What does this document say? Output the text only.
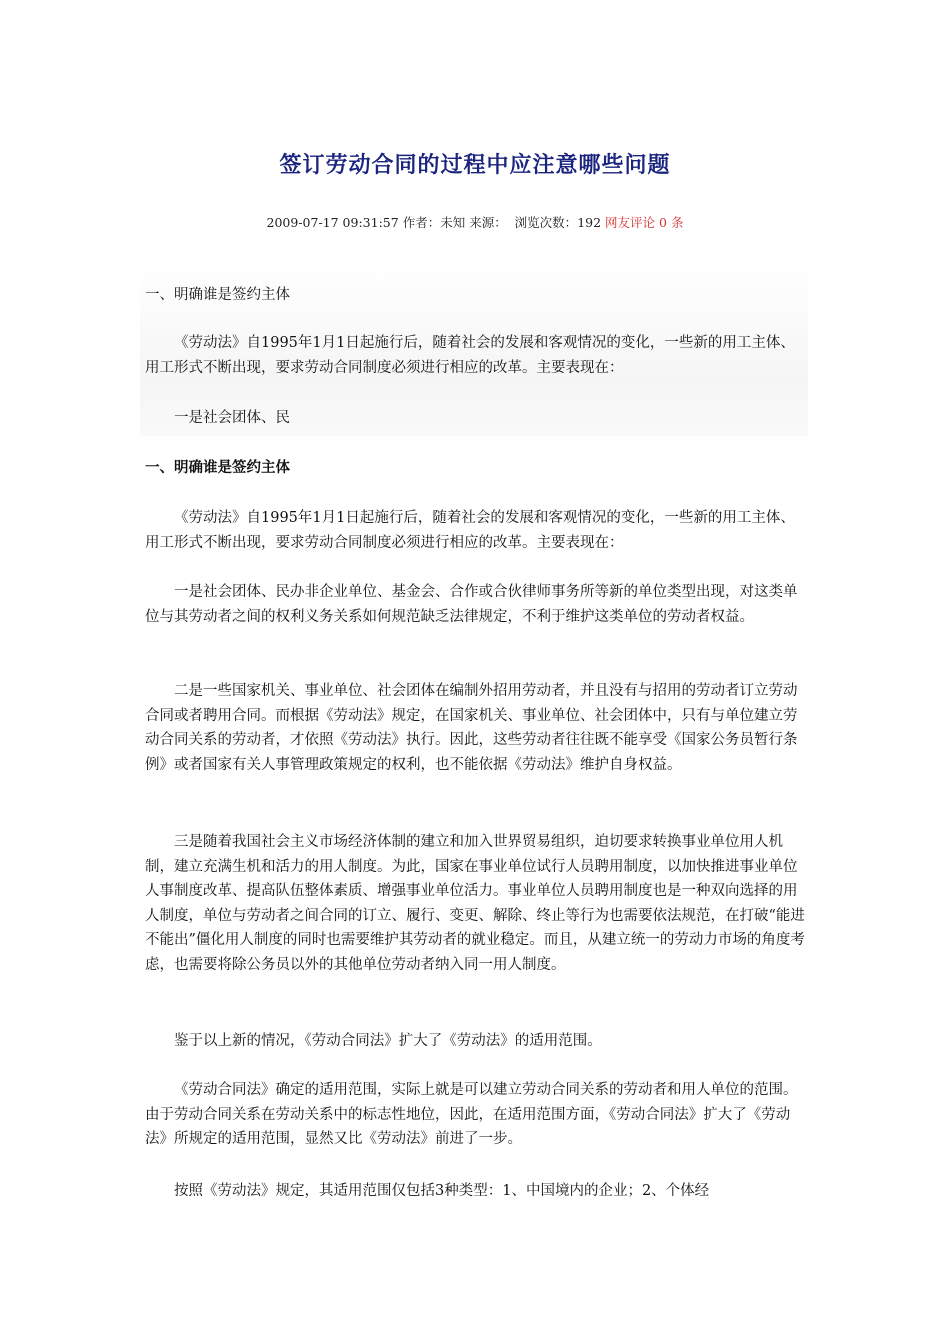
签订劳动合同的过程中应注意哪些问题
2009-07-17 09:31:57 作者：未知 来源： 浏览次数：192 网友评论 0 条

一、明确谁是签约主体

《劳动法》自1995年1月1日起施行后，随着社会的发展和客观情况的变化，一些新的用工主体、用工形式不断出现，要求劳动合同制度必须进行相应的改革。主要表现在：

一是社会团体、民

一、明确谁是签约主体

《劳动法》自1995年1月1日起施行后，随着社会的发展和客观情况的变化，一些新的用工主体、用工形式不断出现，要求劳动合同制度必须进行相应的改革。主要表现在：

一是社会团体、民办非企业单位、基金会、合作或合伙律师事务所等新的单位类型出现，对这类单位与其劳动者之间的权利义务关系如何规范缺乏法律规定，不利于维护这类单位的劳动者权益。

二是一些国家机关、事业单位、社会团体在编制外招用劳动者，并且没有与招用的劳动者订立劳动合同或者聘用合同。而根据《劳动法》规定，在国家机关、事业单位、社会团体中，只有与单位建立劳动合同关系的劳动者，才依照《劳动法》执行。因此，这些劳动者往往既不能享受《国家公务员暂行条例》或者国家有关人事管理政策规定的权利，也不能依据《劳动法》维护自身权益。

三是随着我国社会主义市场经济体制的建立和加入世界贸易组织，迫切要求转换事业单位用人机制，建立充满生机和活力的用人制度。为此，国家在事业单位试行人员聘用制度，以加快推进事业单位人事制度改革、提高队伍整体素质、增强事业单位活力。事业单位人员聘用制度也是一种双向选择的用人制度，单位与劳动者之间合同的订立、履行、变更、解除、终止等行为也需要依法规范，在打破“能进不能出”僵化用人制度的同时也需要维护其劳动者的就业稳定。而且，从建立统一的劳动力市场的角度考虑，也需要将除公务员以外的其他单位劳动者纳入同一用人制度。

鉴于以上新的情况，《劳动合同法》扩大了《劳动法》的适用范围。

《劳动合同法》确定的适用范围，实际上就是可以建立劳动合同关系的劳动者和用人单位的范围。由于劳动合同关系在劳动关系中的标志性地位，因此，在适用范围方面，《劳动合同法》扩大了《劳动法》所规定的适用范围，显然又比《劳动法》前进了一步。

按照《劳动法》规定，其适用范围仅包括3种类型：1、中国境内的企业；2、个体经
